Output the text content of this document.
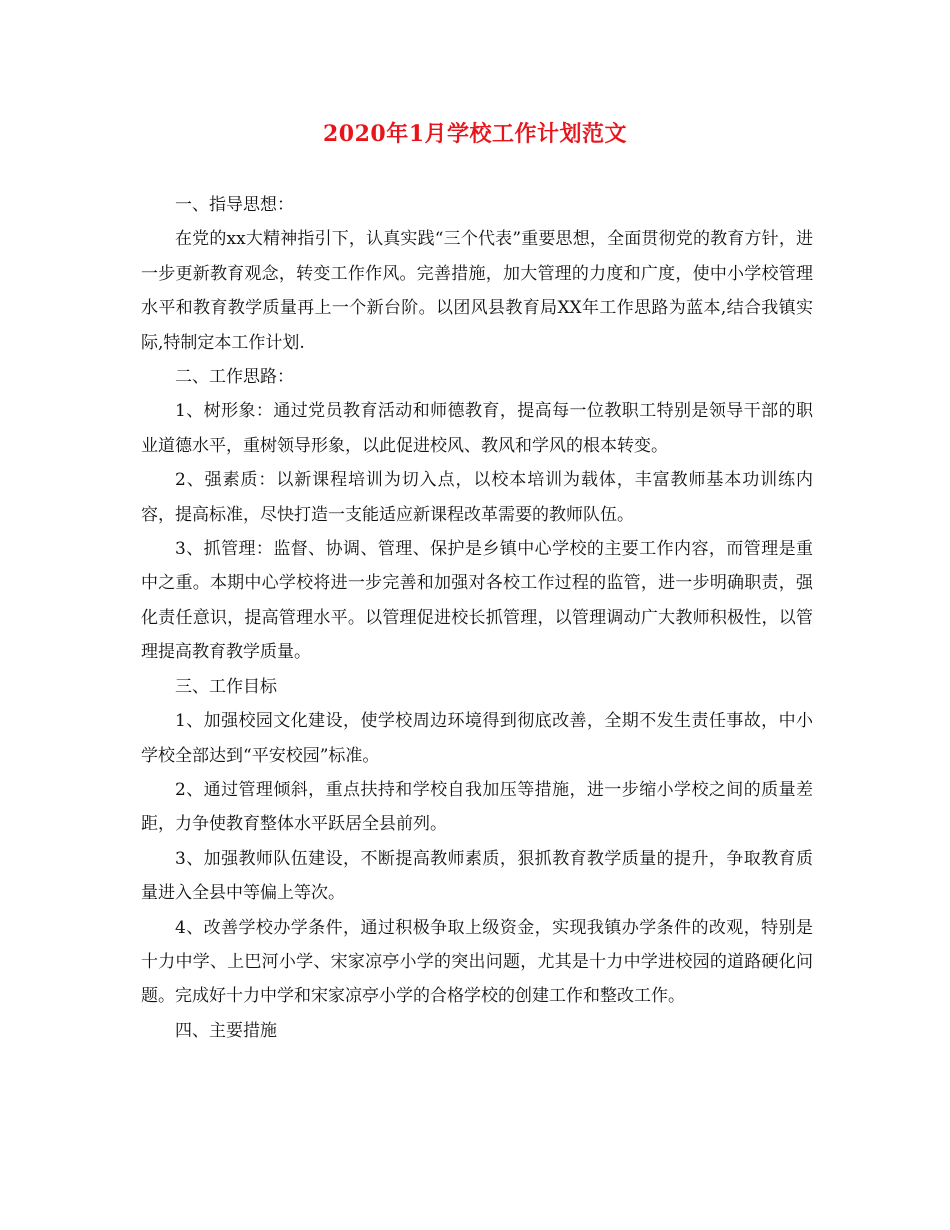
2020年1月学校工作计划范文

一、指导思想：

在党的xx大精神指引下，认真实践“三个代表”重要思想，全面贯彻党的教育方针，进一步更新教育观念，转变工作作风。完善措施，加大管理的力度和广度，使中小学校管理水平和教育教学质量再上一个新台阶。以团风县教育局XX年工作思路为蓝本,结合我镇实际,特制定本工作计划.

二、工作思路：

1、树形象：通过党员教育活动和师德教育，提高每一位教职工特别是领导干部的职业道德水平，重树领导形象，以此促进校风、教风和学风的根本转变。

2、强素质：以新课程培训为切入点，以校本培训为载体，丰富教师基本功训练内容，提高标准，尽快打造一支能适应新课程改革需要的教师队伍。

3、抓管理：监督、协调、管理、保护是乡镇中心学校的主要工作内容，而管理是重中之重。本期中心学校将进一步完善和加强对各校工作过程的监管，进一步明确职责，强化责任意识，提高管理水平。以管理促进校长抓管理，以管理调动广大教师积极性，以管理提高教育教学质量。

三、工作目标

1、加强校园文化建设，使学校周边环境得到彻底改善，全期不发生责任事故，中小学校全部达到“平安校园”标准。

2、通过管理倾斜，重点扶持和学校自我加压等措施，进一步缩小学校之间的质量差距，力争使教育整体水平跃居全县前列。

3、加强教师队伍建设，不断提高教师素质，狠抓教育教学质量的提升，争取教育质量进入全县中等偏上等次。

4、改善学校办学条件，通过积极争取上级资金，实现我镇办学条件的改观，特别是十力中学、上巴河小学、宋家凉亭小学的突出问题，尤其是十力中学进校园的道路硬化问题。完成好十力中学和宋家凉亭小学的合格学校的创建工作和整改工作。

四、主要措施
